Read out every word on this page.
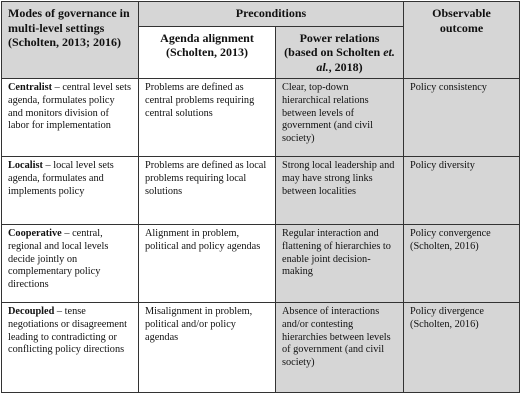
Modes of governance in multi-level settings (Scholten, 2013; 2016)	Preconditions		Observable outcome
	Agenda alignment (Scholten, 2013)	Power relations (based on Scholten et. al., 2018)	
Centralist – central level sets agenda, formulates policy and monitors division of labor for implementation	Problems are defined as central problems requiring central solutions	Clear, top-down hierarchical relations between levels of government (and civil society)	Policy consistency
Localist – local level sets agenda, formulates and implements policy	Problems are defined as local problems requiring local solutions	Strong local leadership and may have strong links between localities	Policy diversity
Cooperative – central, regional and local levels decide jointly on complementary policy directions	Alignment in problem, political and policy agendas	Regular interaction and flattening of hierarchies to enable joint decision-making	Policy convergence (Scholten, 2016)
Decoupled – tense negotiations or disagreement leading to contradicting or conflicting policy directions	Misalignment in problem, political and/or policy agendas	Absence of interactions and/or contesting hierarchies between levels of government (and civil society)	Policy divergence (Scholten, 2016)
